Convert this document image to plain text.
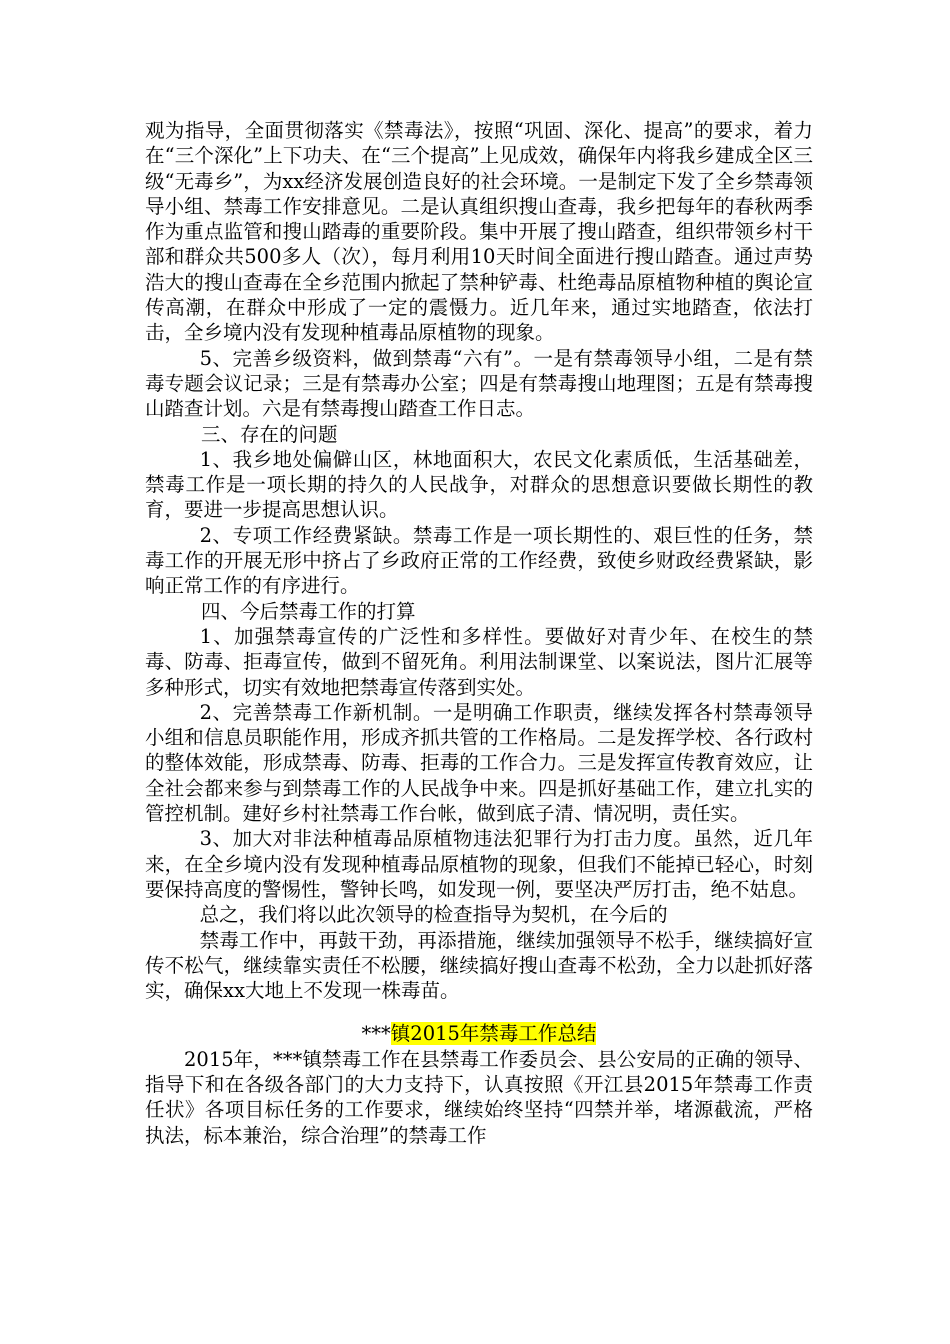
观为指导，全面贯彻落实《禁毒法》，按照“巩固、深化、提高”的要求，着力在“三个深化”上下功夫、在“三个提高”上见成效，确保年内将我乡建成全区三级“无毒乡”，为xx经济发展创造良好的社会环境。一是制定下发了全乡禁毒领导小组、禁毒工作安排意见。二是认真组织搜山查毒，我乡把每年的春秋两季作为重点监管和搜山踏毒的重要阶段。集中开展了搜山踏查，组织带领乡村干部和群众共500多人（次），每月利用10天时间全面进行搜山踏查。通过声势浩大的搜山查毒在全乡范围内掀起了禁种铲毒、杜绝毒品原植物种植的舆论宣传高潮，在群众中形成了一定的震慑力。近几年来，通过实地踏查，依法打击，全乡境内没有发现种植毒品原植物的现象。

5、完善乡级资料，做到禁毒“六有”。一是有禁毒领导小组，二是有禁毒专题会议记录；三是有禁毒办公室；四是有禁毒搜山地理图；五是有禁毒搜山踏查计划。六是有禁毒搜山踏查工作日志。

三、存在的问题

1、我乡地处偏僻山区，林地面积大，农民文化素质低，生活基础差，禁毒工作是一项长期的持久的人民战争，对群众的思想意识要做长期性的教育，要进一步提高思想认识。

2、专项工作经费紧缺。禁毒工作是一项长期性的、艰巨性的任务，禁毒工作的开展无形中挤占了乡政府正常的工作经费，致使乡财政经费紧缺，影响正常工作的有序进行。

四、今后禁毒工作的打算

1、加强禁毒宣传的广泛性和多样性。要做好对青少年、在校生的禁毒、防毒、拒毒宣传，做到不留死角。利用法制课堂、以案说法，图片汇展等多种形式，切实有效地把禁毒宣传落到实处。

2、完善禁毒工作新机制。一是明确工作职责，继续发挥各村禁毒领导小组和信息员职能作用，形成齐抓共管的工作格局。二是发挥学校、各行政村的整体效能，形成禁毒、防毒、拒毒的工作合力。三是发挥宣传教育效应，让全社会都来参与到禁毒工作的人民战争中来。四是抓好基础工作，建立扎实的管控机制。建好乡村社禁毒工作台帐，做到底子清、情况明，责任实。

3、加大对非法种植毒品原植物违法犯罪行为打击力度。虽然，近几年来，在全乡境内没有发现种植毒品原植物的现象，但我们不能掉已轻心，时刻要保持高度的警惕性，警钟长鸣，如发现一例，要坚决严厉打击，绝不姑息。

总之，我们将以此次领导的检查指导为契机，在今后的

禁毒工作中，再鼓干劲，再添措施，继续加强领导不松手，继续搞好宣传不松气，继续靠实责任不松腰，继续搞好搜山查毒不松劲，全力以赴抓好落实，确保xx大地上不发现一株毒苗。

***镇2015年禁毒工作总结

2015年，***镇禁毒工作在县禁毒工作委员会、县公安局的正确的领导、指导下和在各级各部门的大力支持下，认真按照《开江县2015年禁毒工作责任状》各项目标任务的工作要求，继续始终坚持“四禁并举，堵源截流，严格执法，标本兼治，综合治理”的禁毒工作
